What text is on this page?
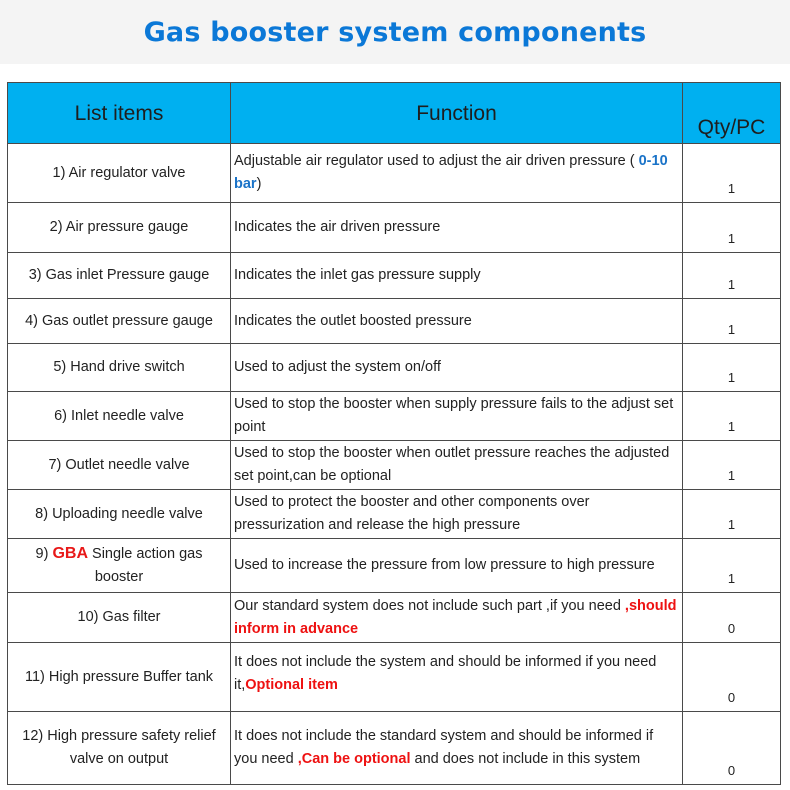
Gas booster system components
List items	Function	Qty/PC
1) Air regulator valve	Adjustable air regulator used to adjust the air driven pressure ( 0-10 bar)	1
2) Air pressure gauge	Indicates the air driven pressure	1
3) Gas inlet Pressure gauge	Indicates the inlet gas pressure supply	1
4) Gas outlet pressure gauge	Indicates the outlet boosted pressure	1
5) Hand drive switch	Used to adjust the system on/off	1
6) Inlet needle valve	Used to stop the booster when supply pressure fails to the adjust set point	1
7) Outlet needle valve	Used to stop the booster when outlet pressure reaches the adjusted set point,can be optional	1
8) Uploading needle valve	Used to protect the booster and other components over pressurization and release the high pressure	1
9) GBA Single action gas booster	Used to increase the pressure from low pressure to high pressure	1
10) Gas filter	Our standard system does not include such part ,if you need ,should inform in advance	0
11) High pressure Buffer tank	It does not include the system and should be informed if you need it,Optional item	0
12) High pressure safety relief valve on output	It does not include the standard system and should be informed if you need ,Can be optional and does not include in this system	0
